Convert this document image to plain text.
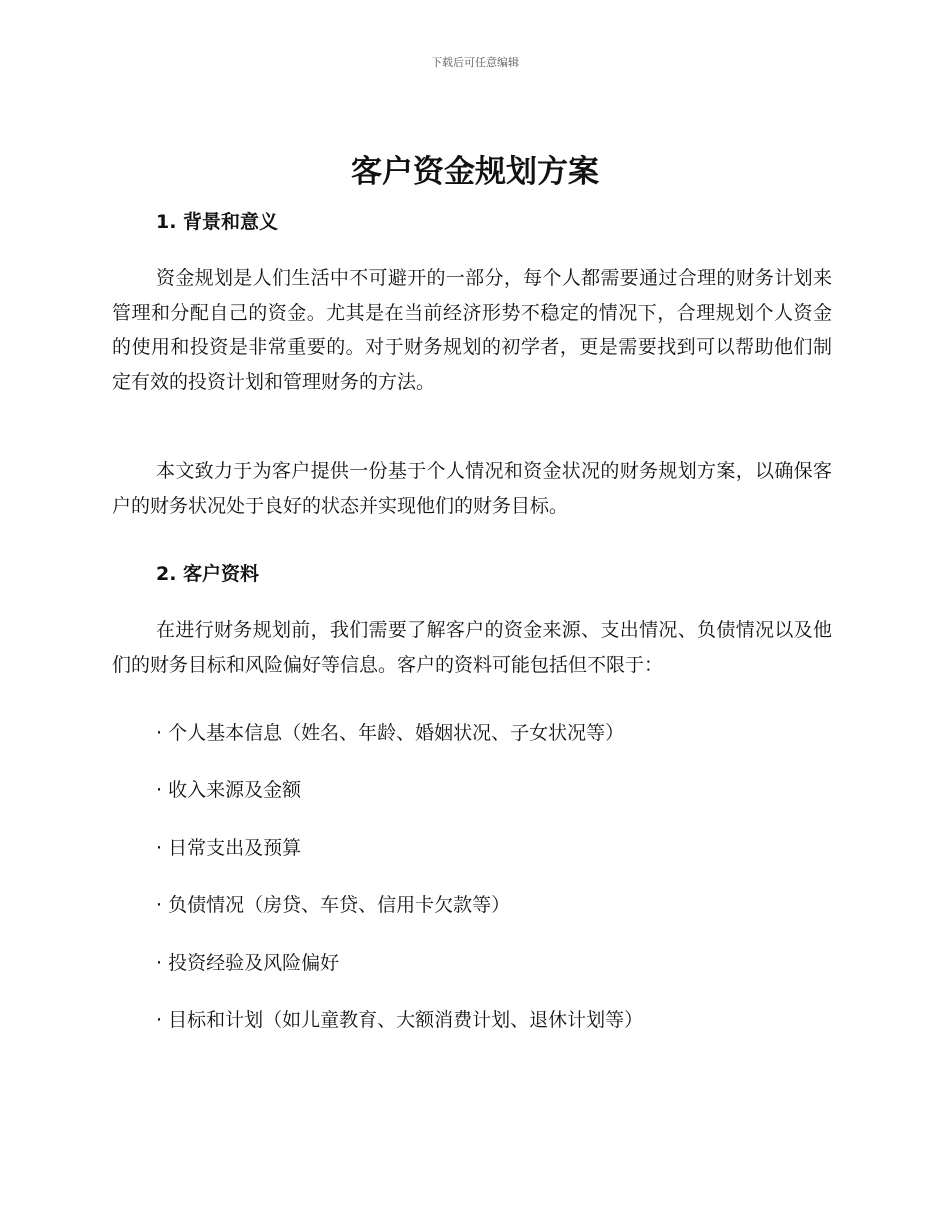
下载后可任意编辑
客户资金规划方案
1. 背景和意义
资金规划是人们生活中不可避开的一部分，每个人都需要通过合理的财务计划来管理和分配自己的资金。尤其是在当前经济形势不稳定的情况下，合理规划个人资金的使用和投资是非常重要的。对于财务规划的初学者，更是需要找到可以帮助他们制定有效的投资计划和管理财务的方法。
本文致力于为客户提供一份基于个人情况和资金状况的财务规划方案，以确保客户的财务状况处于良好的状态并实现他们的财务目标。
2. 客户资料
在进行财务规划前，我们需要了解客户的资金来源、支出情况、负债情况以及他们的财务目标和风险偏好等信息。客户的资料可能包括但不限于：
· 个人基本信息（姓名、年龄、婚姻状况、子女状况等）
· 收入来源及金额
· 日常支出及预算
· 负债情况（房贷、车贷、信用卡欠款等）
· 投资经验及风险偏好
· 目标和计划（如儿童教育、大额消费计划、退休计划等）
